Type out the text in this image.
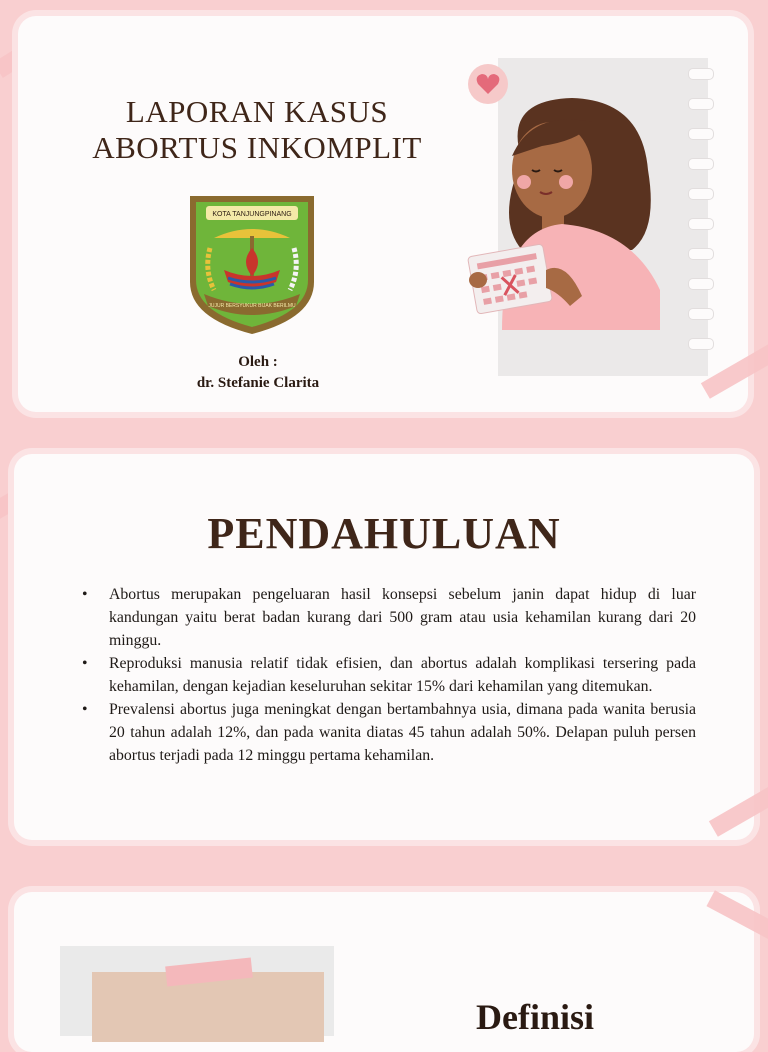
LAPORAN KASUS
ABORTUS INKOMPLIT
KOTA TANJUNGPINANG
JUJUR BERSYUKUR BIJAK BERILMU
Oleh :
dr. Stefanie Clarita
PENDAHULUAN
• Abortus merupakan pengeluaran hasil konsepsi sebelum janin dapat hidup di luar kandungan yaitu berat badan kurang dari 500 gram atau usia kehamilan kurang dari 20 minggu.
• Reproduksi manusia relatif tidak efisien, dan abortus adalah komplikasi tersering pada kehamilan, dengan kejadian keseluruhan sekitar 15% dari kehamilan yang ditemukan.
• Prevalensi abortus juga meningkat dengan bertambahnya usia, dimana pada wanita berusia 20 tahun adalah 12%, dan pada wanita diatas 45 tahun adalah 50%. Delapan puluh persen abortus terjadi pada 12 minggu pertama kehamilan.
Definisi
